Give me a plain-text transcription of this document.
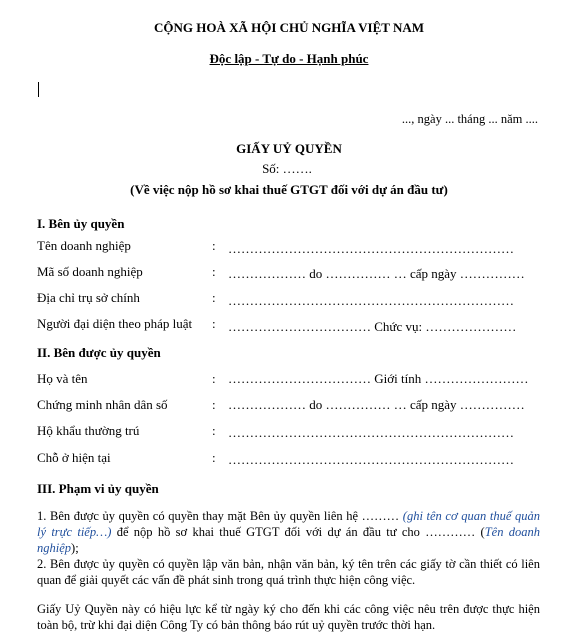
CỘNG HOÀ XÃ HỘI CHỦ NGHĨA VIỆT NAM
Độc lập - Tự do - Hạnh phúc
..., ngày ... tháng ... năm ....
GIẤY UỶ QUYỀN
Số: …….
(Về việc nộp hồ sơ khai thuế GTGT đối với dự án đầu tư)
I. Bên ủy quyền
Tên doanh nghiệp	: …………………………………………………………
Mã số doanh nghiệp	: ……………… do …………… … cấp ngày ……………
Địa chỉ trụ sở chính	: …………………………………………………………
Người đại diện theo pháp luật : …………………………… Chức vụ: …………………
II. Bên được ủy quyền
Họ và tên	: …………………………… Giới tính ……………………
Chứng minh nhân dân số	: ……………… do …………… … cấp ngày ……………
Hộ khẩu thường trú	: …………………………………………………………
Chỗ ở hiện tại	: …………………………………………………………
III. Phạm vi ủy quyền
1. Bên được ủy quyền có quyền thay mặt Bên ủy quyền liên hệ ……… (ghi tên cơ quan thuế quản lý trực tiếp…) để nộp hồ sơ khai thuế GTGT đối với dự án đầu tư cho ………… (Tên doanh nghiệp);
2. Bên được ủy quyền có quyền lập văn bản, nhận văn bản, ký tên trên các giấy tờ cần thiết có liên quan để giải quyết các vấn đề phát sinh trong quá trình thực hiện công việc.
Giấy Uỷ Quyền này có hiệu lực kể từ ngày ký cho đến khi các công việc nêu trên được thực hiện toàn bộ, trừ khi đại diện Công Ty có bản thông báo rút uỷ quyền trước thời hạn.
